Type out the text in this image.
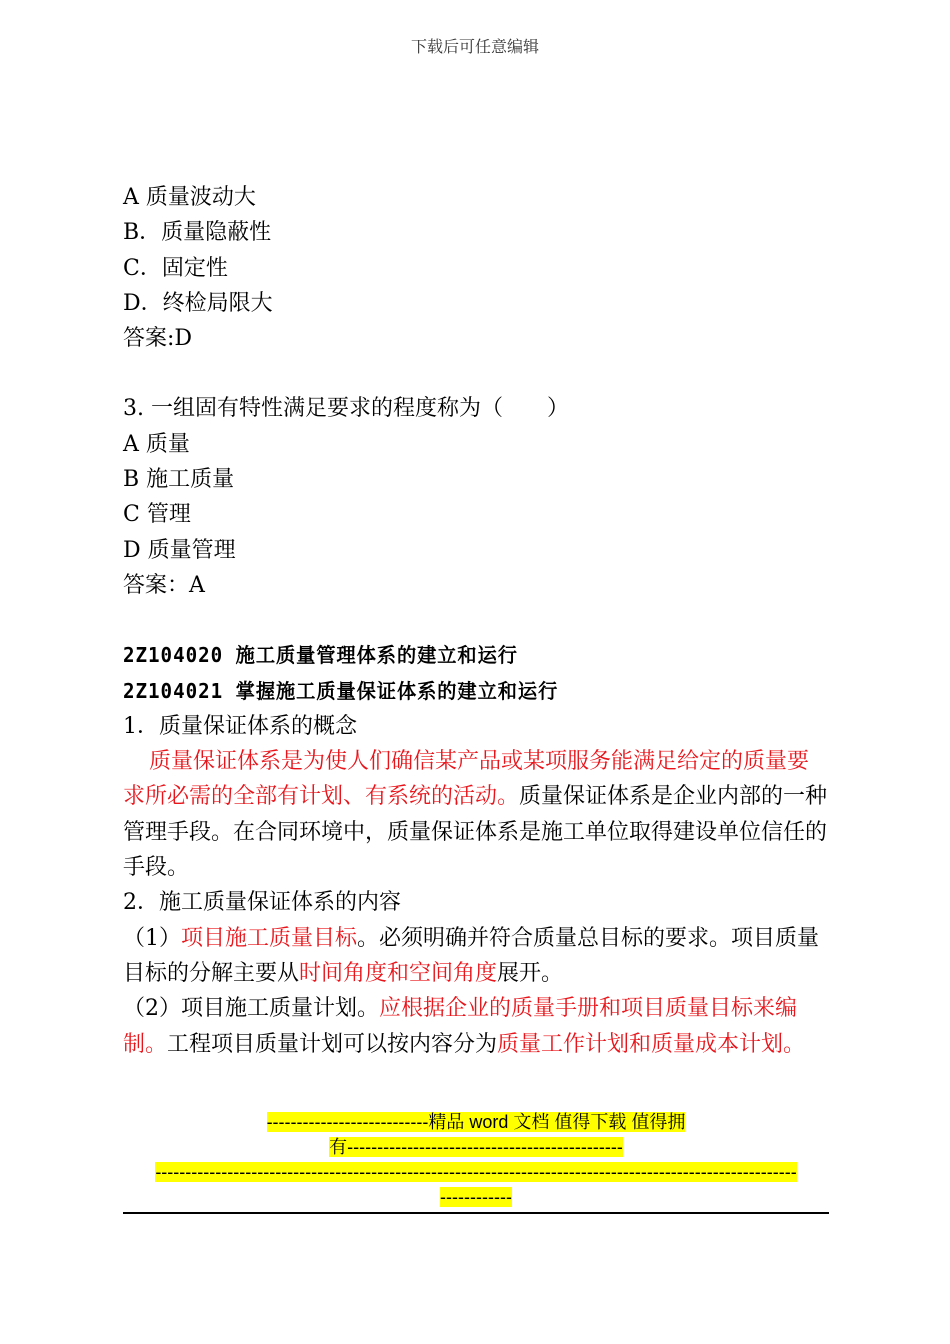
下载后可任意编辑
A 质量波动大
B．质量隐蔽性
C．固定性
D．终检局限大
答案:D
3. 一组固有特性满足要求的程度称为（　　）
A 质量
B 施工质量
C 管理
D 质量管理
答案：A
2Z104020 施工质量管理体系的建立和运行
2Z104021 掌握施工质量保证体系的建立和运行
1．质量保证体系的概念
质量保证体系是为使人们确信某产品或某项服务能满足给定的质量要求所必需的全部有计划、有系统的活动。质量保证体系是企业内部的一种管理手段。在合同环境中，质量保证体系是施工单位取得建设单位信任的手段。
2．施工质量保证体系的内容
（1）项目施工质量目标。必须明确并符合质量总目标的要求。项目质量目标的分解主要从时间角度和空间角度展开。
（2）项目施工质量计划。应根据企业的质量手册和项目质量目标来编制。工程项目质量计划可以按内容分为质量工作计划和质量成本计划。
---------------------------精品 word 文档 值得下载 值得拥
有----------------------------------------------
-----------------------------------------------------------------------------------------------------------
------------
